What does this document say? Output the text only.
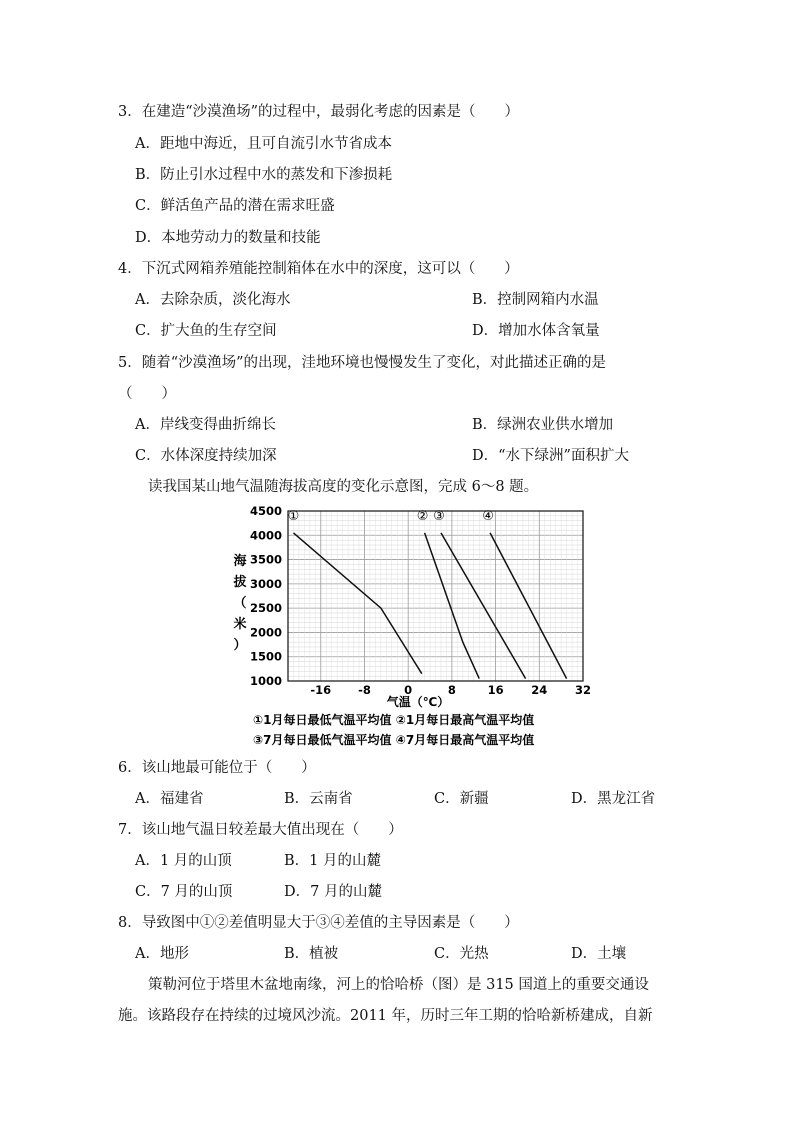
3．在建造“沙漠渔场”的过程中，最弱化考虑的因素是（　　）
A．距地中海近，且可自流引水节省成本
B．防止引水过程中水的蒸发和下渗损耗
C．鲜活鱼产品的潜在需求旺盛
D．本地劳动力的数量和技能
4．下沉式网箱养殖能控制箱体在水中的深度，这可以（　　）
A．去除杂质，淡化海水	B．控制网箱内水温
C．扩大鱼的生存空间	D．增加水体含氧量
5．随着“沙漠渔场”的出现，洼地环境也慢慢发生了变化，对此描述正确的是
（　　）
A．岸线变得曲折绵长	B．绿洲农业供水增加
C．水体深度持续加深	D．“水下绿洲”面积扩大
读我国某山地气温随海拔高度的变化示意图，完成 6～8 题。
①	② ③	④
1000
1500
2000
2500
3000
3500
4000
4500
-16 -8	0	8	16 24 32
海拔（米）
气温（℃）
①1月每日最低气温平均值 ②1月每日最高气温平均值
③7月每日最低气温平均值 ④7月每日最高气温平均值
6．该山地最可能位于（　　）
A．福建省	B．云南省	C．新疆	D．黑龙江省
7．该山地气温日较差最大值出现在（　　）
A．1 月的山顶	B．1 月的山麓
C．7 月的山顶	D．7 月的山麓
8．导致图中①②差值明显大于③④差值的主导因素是（　　）
A．地形	B．植被	C．光热	D．土壤
策勒河位于塔里木盆地南缘，河上的恰哈桥（图）是 315 国道上的重要交通设
施。该路段存在持续的过境风沙流。2011 年，历时三年工期的恰哈新桥建成，自新
